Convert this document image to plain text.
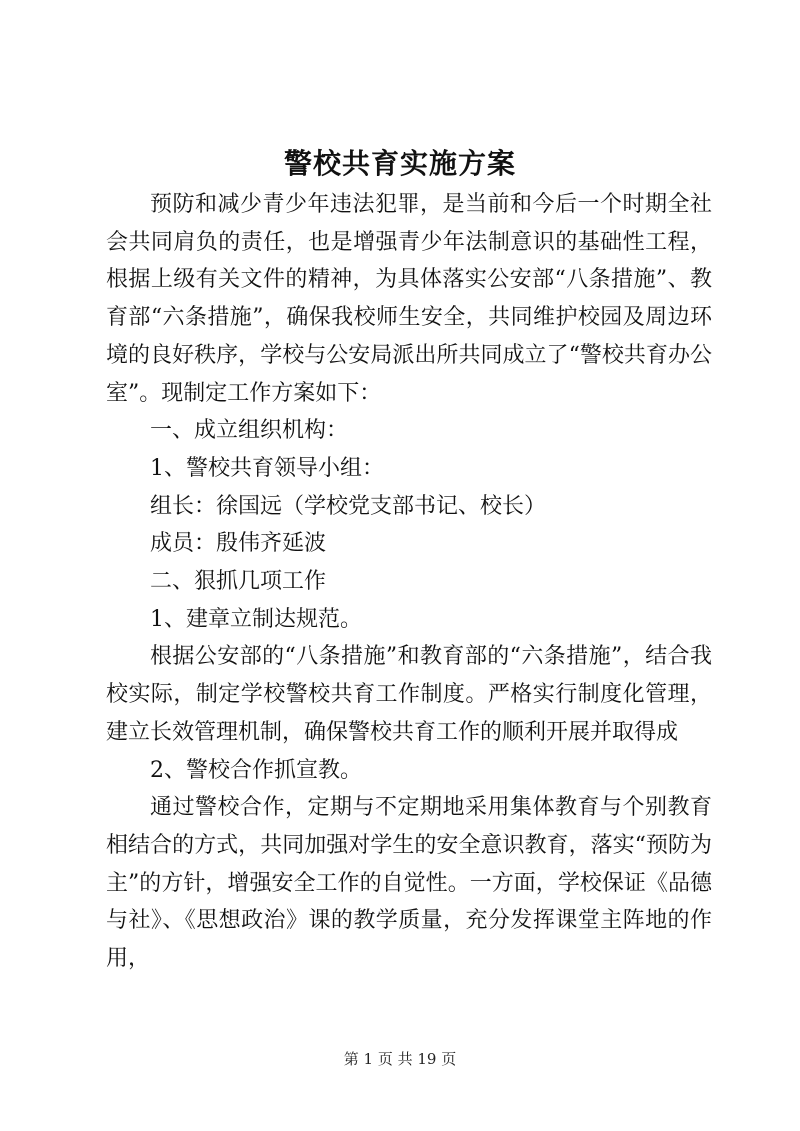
警校共育实施方案

预防和减少青少年违法犯罪，是当前和今后一个时期全社会共同肩负的责任，也是增强青少年法制意识的基础性工程，根据上级有关文件的精神，为具体落实公安部“八条措施”、教育部“六条措施”，确保我校师生安全，共同维护校园及周边环境的良好秩序，学校与公安局派出所共同成立了“警校共育办公室”。现制定工作方案如下：

一、成立组织机构：

1、警校共育领导小组：

组长：徐国远（学校党支部书记、校长）

成员：殷伟齐延波

二、狠抓几项工作

1、建章立制达规范。

根据公安部的“八条措施”和教育部的“六条措施”，结合我校实际，制定学校警校共育工作制度。严格实行制度化管理，建立长效管理机制，确保警校共育工作的顺利开展并取得成

2、警校合作抓宣教。

通过警校合作，定期与不定期地采用集体教育与个别教育相结合的方式，共同加强对学生的安全意识教育，落实“预防为主”的方针，增强安全工作的自觉性。一方面，学校保证《品德与社》、《思想政治》课的教学质量，充分发挥课堂主阵地的作用，

第 1 页 共 19 页
